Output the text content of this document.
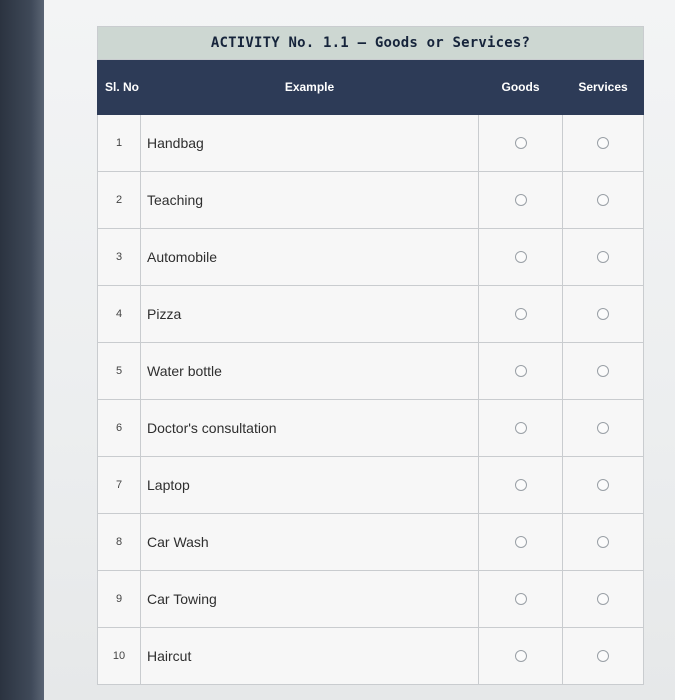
ACTIVITY No. 1.1 – Goods or Services?			
Sl. No	Example	Goods	Services
1	Handbag		
2	Teaching		
3	Automobile		
4	Pizza		
5	Water bottle		
6	Doctor's consultation		
7	Laptop		
8	Car Wash		
9	Car Towing		
10	Haircut		
